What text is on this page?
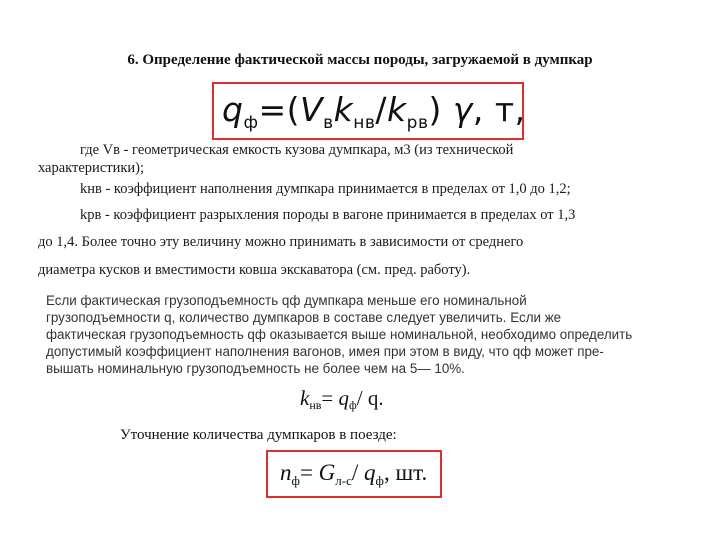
6. Определение фактической массы породы, загружаемой в думпкар
$q_ф=(V_вk_{нв}/k_{рв})$ γ, т,
где Vв - геометрическая емкость кузова думпкара, м3 (из технической
характеристики);
kнв - коэффициент наполнения думпкара принимается в пределах от 1,0 до 1,2;
kрв - коэффициент разрыхления породы в вагоне принимается в пределах от 1,3
до 1,4. Более точно эту величину можно принимать в зависимости от среднего
диаметра кусков и вместимости ковша экскаватора (см. пред. работу).
Если фактическая грузоподъемность qф думпкара меньше его номинальной
грузоподъемности q, количество думпкаров в составе следует увеличить. Если же
фактическая грузоподъемность qф оказывается выше номинальной, необходимо определить
допустимый коэффициент наполнения вагонов, имея при этом в виду, что qф может пре-
вышать номинальную грузоподъемность не более чем на 5— 10%.
$k_{нв}= q_ф/$ q.
Уточнение количества думпкаров в поезде:
$n_ф= G_{л-с}/$ $q_ф$, шт.
